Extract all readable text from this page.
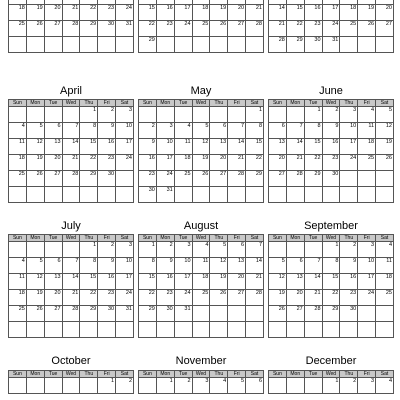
18	19	20	21	22	23	24
25	26	27	28	29	30	31

15	16	17	18	19	20	21
22	23	24	25	26	27	28
29						

14	15	16	17	18	19	20
21	22	23	24	25	26	27
28	29	30	31			
April
Sun	Mon	Tue	Wed	Thu	Fri	Sat
				1	2	3
4	5	6	7	8	9	10
11	12	13	14	15	16	17
18	19	20	21	22	23	24
25	26	27	28	29	30	

May
Sun	Mon	Tue	Wed	Thu	Fri	Sat
						1
2	3	4	5	6	7	8
9	10	11	12	13	14	15
16	17	18	19	20	21	22
23	24	25	26	27	28	29
30	31					
June
Sun	Mon	Tue	Wed	Thu	Fri	Sat
		1	2	3	4	5
6	7	8	9	10	11	12
13	14	15	16	17	18	19
20	21	22	23	24	25	26
27	28	29	30			

July
Sun	Mon	Tue	Wed	Thu	Fri	Sat
				1	2	3
4	5	6	7	8	9	10
11	12	13	14	15	16	17
18	19	20	21	22	23	24
25	26	27	28	29	30	31

August
Sun	Mon	Tue	Wed	Thu	Fri	Sat
1	2	3	4	5	6	7
8	9	10	11	12	13	14
15	16	17	18	19	20	21
22	23	24	25	26	27	28
29	30	31				

September
Sun	Mon	Tue	Wed	Thu	Fri	Sat
			1	2	3	4
5	6	7	8	9	10	11
12	13	14	15	16	17	18
19	20	21	22	23	24	25
26	27	28	29	30		

October
Sun	Mon	Tue	Wed	Thu	Fri	Sat
					1	2
November
Sun	Mon	Tue	Wed	Thu	Fri	Sat
	1	2	3	4	5	6
December
Sun	Mon	Tue	Wed	Thu	Fri	Sat
			1	2	3	4
